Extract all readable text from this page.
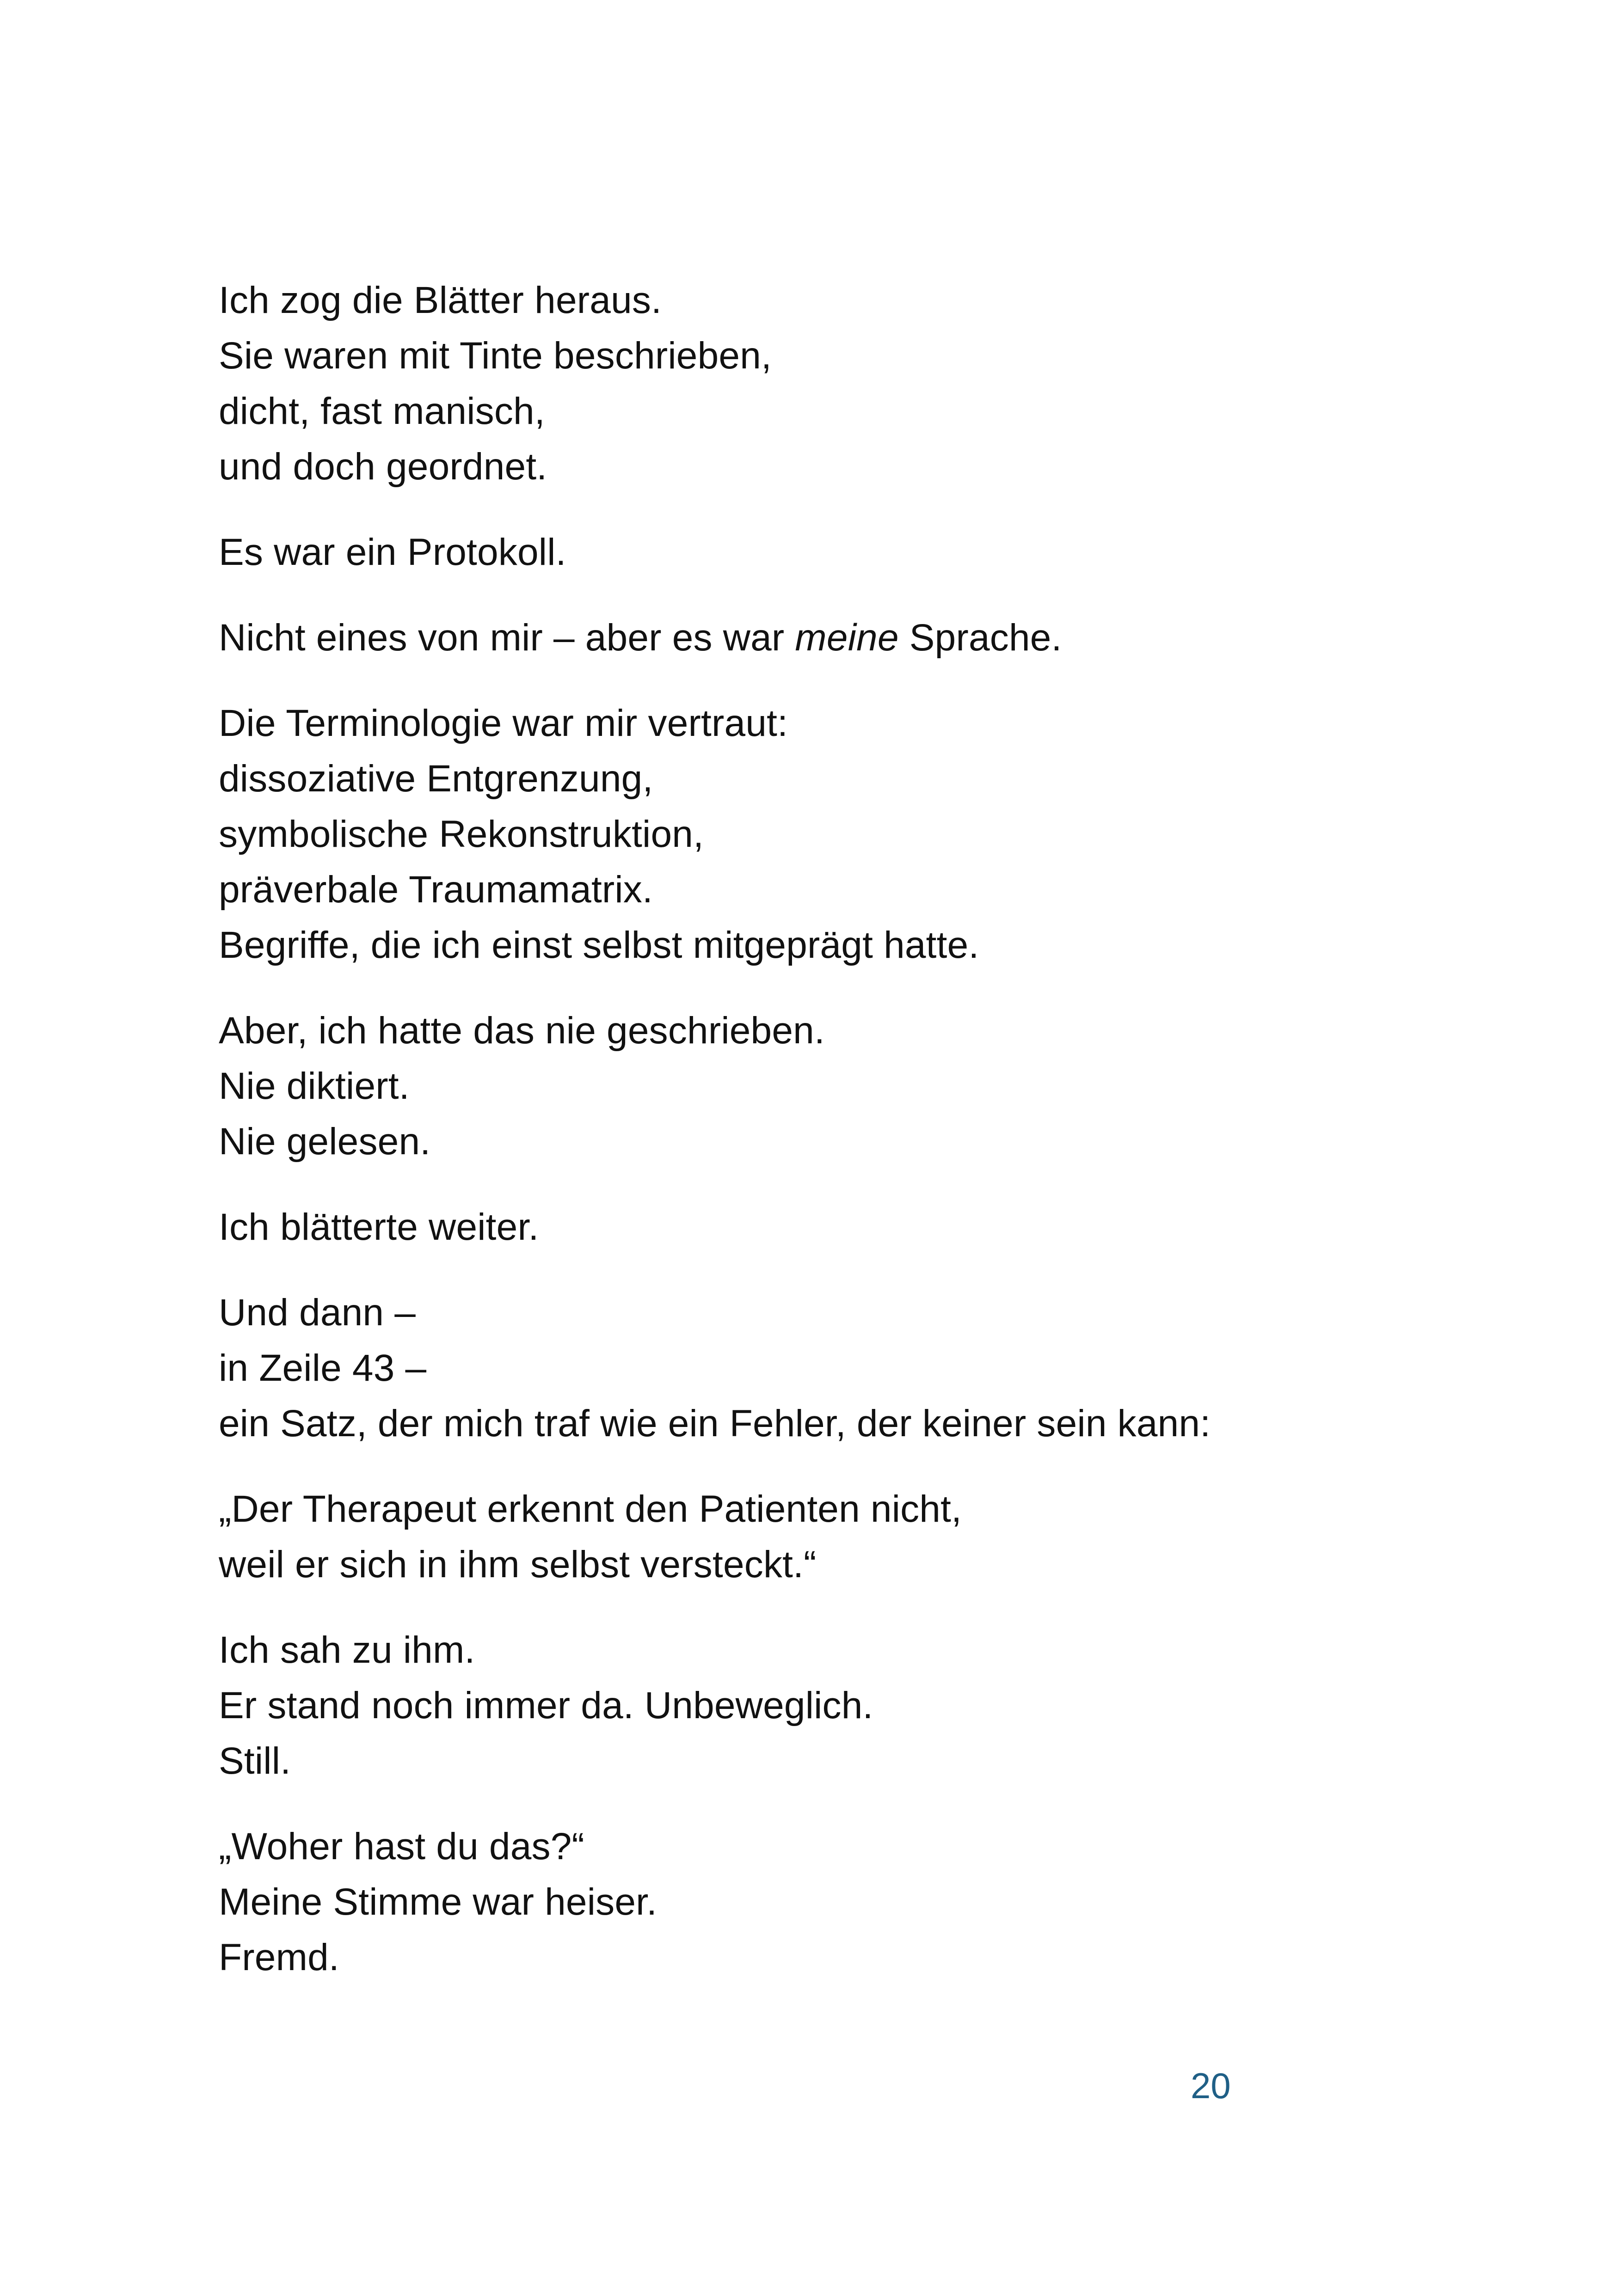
Ich zog die Blätter heraus.
Sie waren mit Tinte beschrieben,
dicht, fast manisch,
und doch geordnet.
Es war ein Protokoll.
Nicht eines von mir – aber es war meine Sprache.
Die Terminologie war mir vertraut:
dissoziative Entgrenzung,
symbolische Rekonstruktion,
präverbale Traumamatrix.
Begriffe, die ich einst selbst mitgeprägt hatte.
Aber, ich hatte das nie geschrieben.
Nie diktiert.
Nie gelesen.
Ich blätterte weiter.
Und dann –
in Zeile 43 –
ein Satz, der mich traf wie ein Fehler, der keiner sein kann:
„Der Therapeut erkennt den Patienten nicht,
weil er sich in ihm selbst versteckt.“
Ich sah zu ihm.
Er stand noch immer da. Unbeweglich.
Still.
„Woher hast du das?“
Meine Stimme war heiser.
Fremd.
20
